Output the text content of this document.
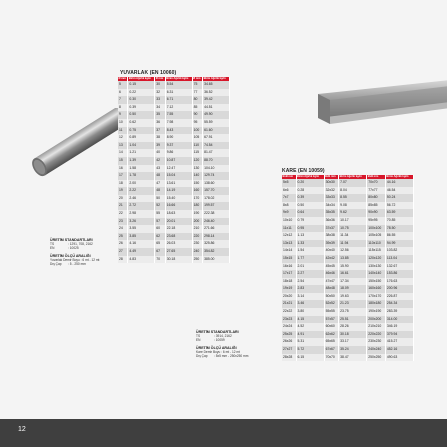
YUVARLAK (EN 10060)
Ø mm	Birim Ağırlık kg/m	Ø mm	Birim Ağırlık kg/m	Ø mm	Birim Ağırlık kg/m
5	0.15	30	5.54	75	34.65
6	0.22	32	6.31	77	36.52
7	0.30	33	6.71	80	39.42
8	0.39	34	7.12	85	44.51
9	0.50	35	7.55	90	49.90
10	0.62	36	7.98	95	55.59
11	0.75	37	8.43	100	61.60
12	0.89	38	8.90	105	67.91
13	1.04	39	9.37	110	74.54
14	1.21	40	9.86	115	81.47
15	1.39	42	10.87	120	88.70
16	1.58	43	12.47	130	104.10
17	1.78	48	15.04	140	129.74
18	2.00	47	13.61	150	138.60
19	2.22	48	14.19	160	157.70
20	2.46	50	15.40	170	178.02
21	2.72	52	16.66	180	199.57
22	2.98	55	18.63	190	222.38
23	3.26	57	20.01	200	246.40
24	3.55	60	22.18	210	271.66
25	3.85	62	23.68	220	298.14
26	4.16	65	26.03	230	325.86
27	4.49	67	27.65	240	354.82
28	4.83	70	30.18	250	385.00
KARE (EN 10059)
BxB mm	Birim Ağırlık kg/m	BxB mm	Birim Ağırlık kg/m	BxB mm	Birim Ağırlık kg/m
5x5	0.20	30x30	7.07	70x70	44.16
6x6	0.28	32x32	8.04	77x77	46.54
7x7	0.39	33x33	8.55	80x80	50.24
8x8	0.50	34x34	9.08	85x85	56.72
9x9	0.64	35x35	9.62	90x90	63.59
10x10	0.79	36x36	10.17	95x95	70.85
11x11	0.95	37x37	10.75	100x100	78.50
12x12	1.13	38x38	11.34	105x105	86.55
13x13	1.33	39x39	11.94	110x110	94.99
14x14	1.54	40x40	12.56	115x115	103.82
15x15	1.77	42x42	13.85	120x120	113.04
16x16	2.01	45x45	15.90	130x130	132.67
17x17	2.27	46x46	16.61	140x140	153.86
18x18	2.54	47x47	17.34	150x150	176.63
19x19	2.83	48x48	18.09	160x160	200.96
20x20	3.14	50x50	19.63	170x170	226.87
21x21	3.46	52x52	21.23	180x180	254.34
22x22	3.80	55x55	23.75	190x190	283.39
23x23	4.15	57x57	25.51	200x200	314.00
24x24	4.52	60x60	28.26	210x210	346.19
25x25	4.91	62x62	30.18	220x220	379.94
26x26	5.31	65x65	33.17	230x230	415.27
27x27	5.72	67x67	35.24	240x240	452.16
28x28	6.15	70x70	38.47	250x250	490.63
ÜRETİM STANDARTLARI
TS	: 1291, 708, 2162
EN	: 10025
ÜRETİM ÖLÇÜ ARALIĞI
Yuvarlak Demir Boyu : 6 mt - 12 mt
Dış Çap	: 5 - 250 mm
ÜRETİM STANDARTLARI
TS	: 3914, 2162
EN	: 10059
ÜRETİM ÖLÇÜ ARALIĞI
Kare Demir Boyu : 6 mt - 12 mt
Dış Çap	: 5x5 mm - 250x250 mm
12
